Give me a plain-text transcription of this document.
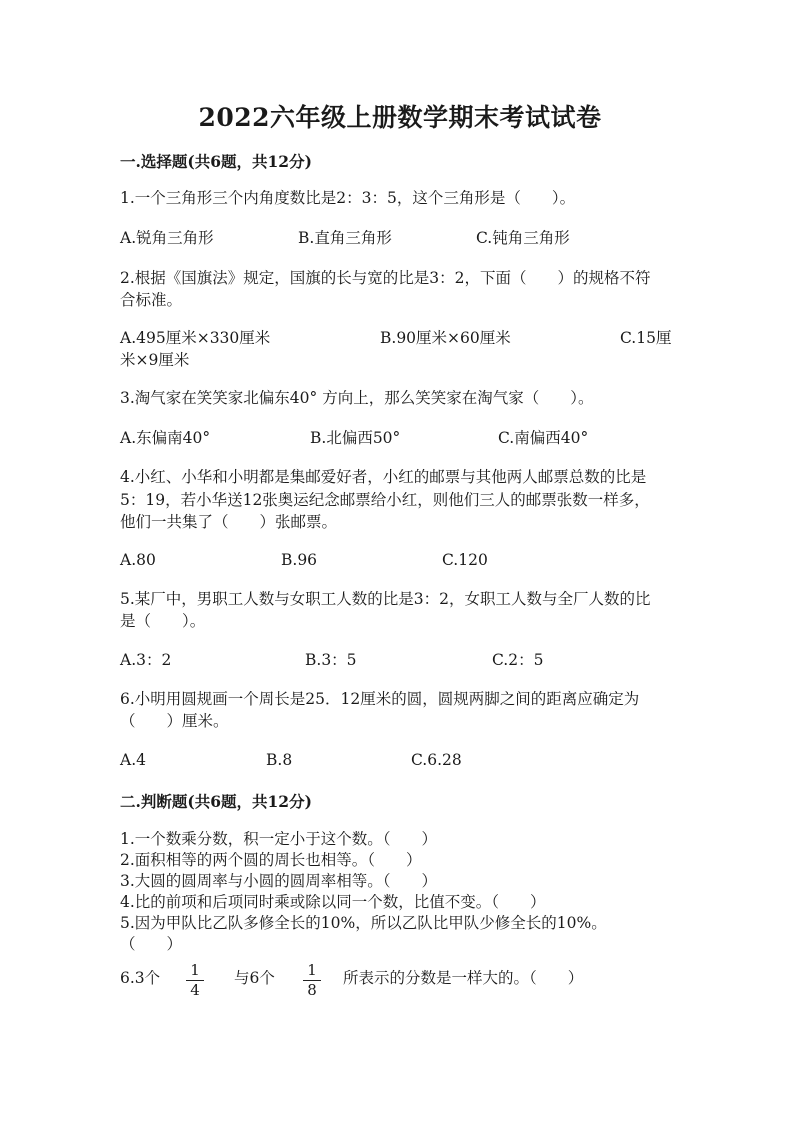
2022六年级上册数学期末考试试卷
一.选择题(共6题，共12分)
1.一个三角形三个内角度数比是2：3：5，这个三角形是（　　）。
A.锐角三角形	B.直角三角形	C.钝角三角形
2.根据《国旗法》规定，国旗的长与宽的比是3：2，下面（　　）的规格不符
合标准。
A.495厘米×330厘米	B.90厘米×60厘米	C.15厘
米×9厘米
3.淘气家在笑笑家北偏东40° 方向上，那么笑笑家在淘气家（　　）。
A.东偏南40°	B.北偏西50°	C.南偏西40°
4.小红、小华和小明都是集邮爱好者，小红的邮票与其他两人邮票总数的比是
5：19，若小华送12张奥运纪念邮票给小红，则他们三人的邮票张数一样多，
他们一共集了（　　）张邮票。
A.80	B.96	C.120
5.某厂中，男职工人数与女职工人数的比是3：2，女职工人数与全厂人数的比
是（　　）。
A.3：2	B.3：5	C.2：5
6.小明用圆规画一个周长是25．12厘米的圆，圆规两脚之间的距离应确定为
（　　）厘米。
A.4	B.8	C.6.28
二.判断题(共6题，共12分)
1.一个数乘分数，积一定小于这个数。（　　）
2.面积相等的两个圆的周长也相等。（　　）
3.大圆的圆周率与小圆的圆周率相等。（　　）
4.比的前项和后项同时乘或除以同一个数，比值不变。（　　）
5.因为甲队比乙队多修全长的10%，所以乙队比甲队少修全长的10%。
（　　）
6.3个	1
4
与6个	1
8
所表示的分数是一样大的。（　　）
